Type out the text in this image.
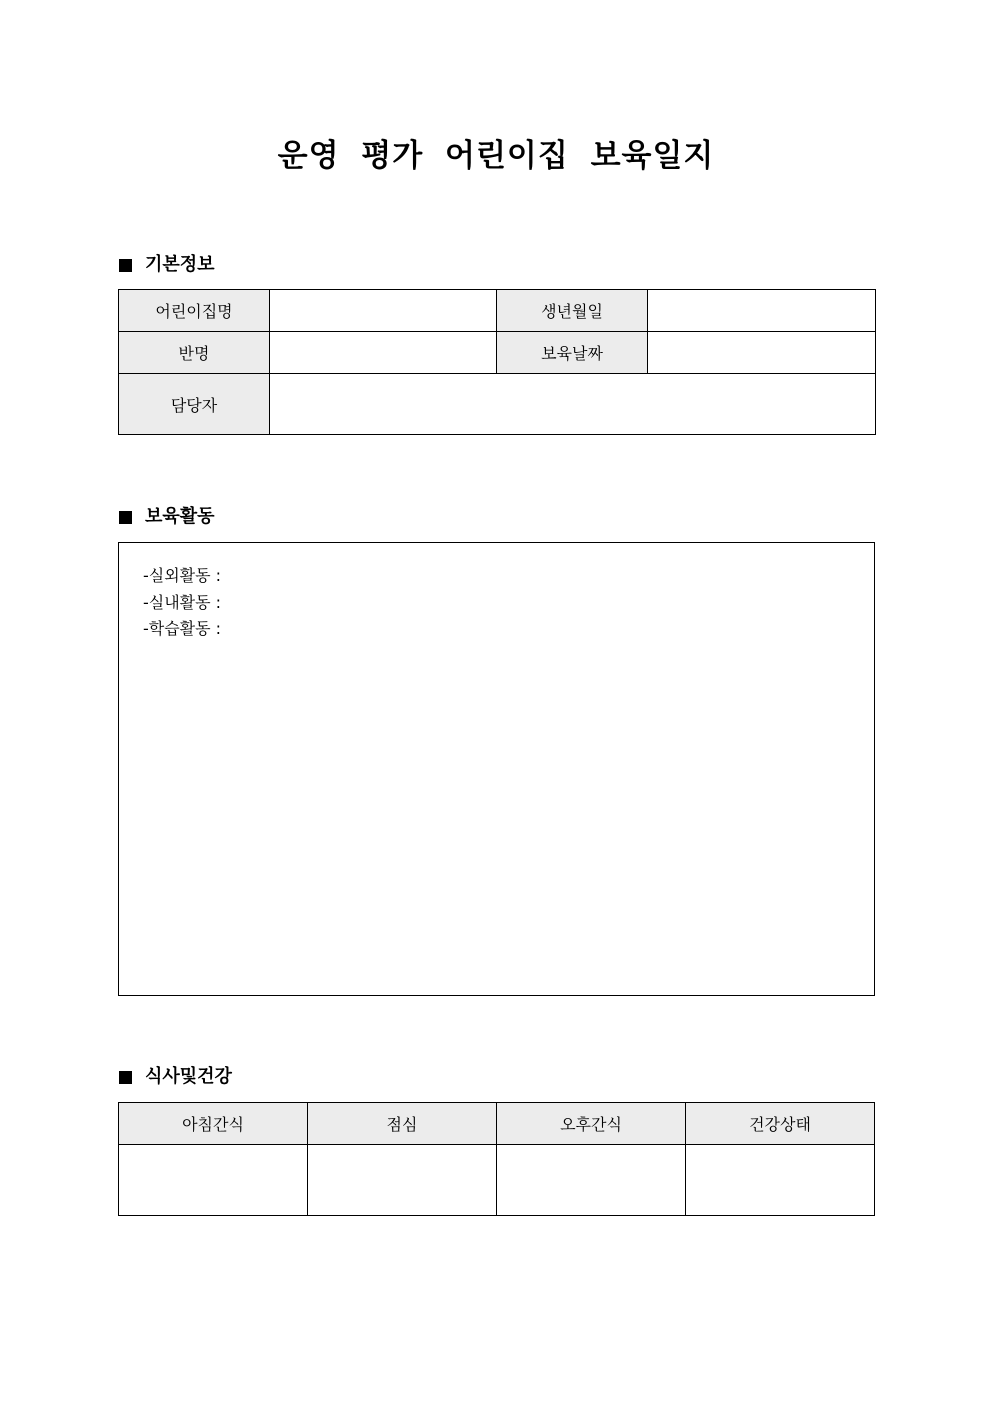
운영 평가 어린이집 보육일지
기본정보
어린이집명		생년월일	
반명		보육날짜	
담당자			
보육활동
-실외활동 :
-실내활동 :
-학습활동 :
식사및건강
아침간식	점심	오후간식	건강상태
